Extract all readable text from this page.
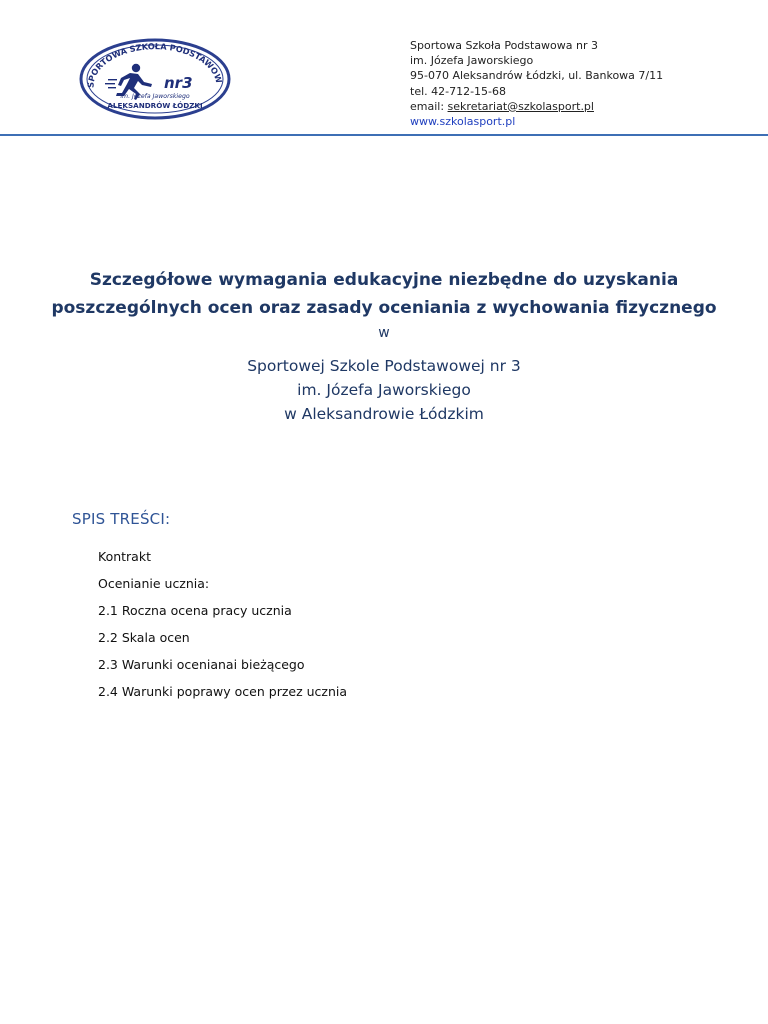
SPORTOWA SZKOŁA PODSTAWOW
nr3
im. Józefa Jaworskiego
ALEKSANDRÓW ŁÓDZKI
Sportowa Szkoła Podstawowa nr 3
im. Józefa Jaworskiego
95-070 Aleksandrów Łódzki, ul. Bankowa 7/11
tel. 42-712-15-68
email: sekretariat@szkolasport.pl
www.szkolasport.pl
Szczegółowe wymagania edukacyjne niezbędne do uzyskania
poszczególnych ocen oraz zasady oceniania z wychowania fizycznego
w
Sportowej Szkole Podstawowej nr 3
im. Józefa Jaworskiego
w Aleksandrowie Łódzkim
SPIS TREŚCI:
Kontrakt
Ocenianie ucznia:
2.1 Roczna ocena pracy ucznia
2.2 Skala ocen
2.3 Warunki ocenianai bieżącego
2.4 Warunki poprawy ocen przez ucznia
